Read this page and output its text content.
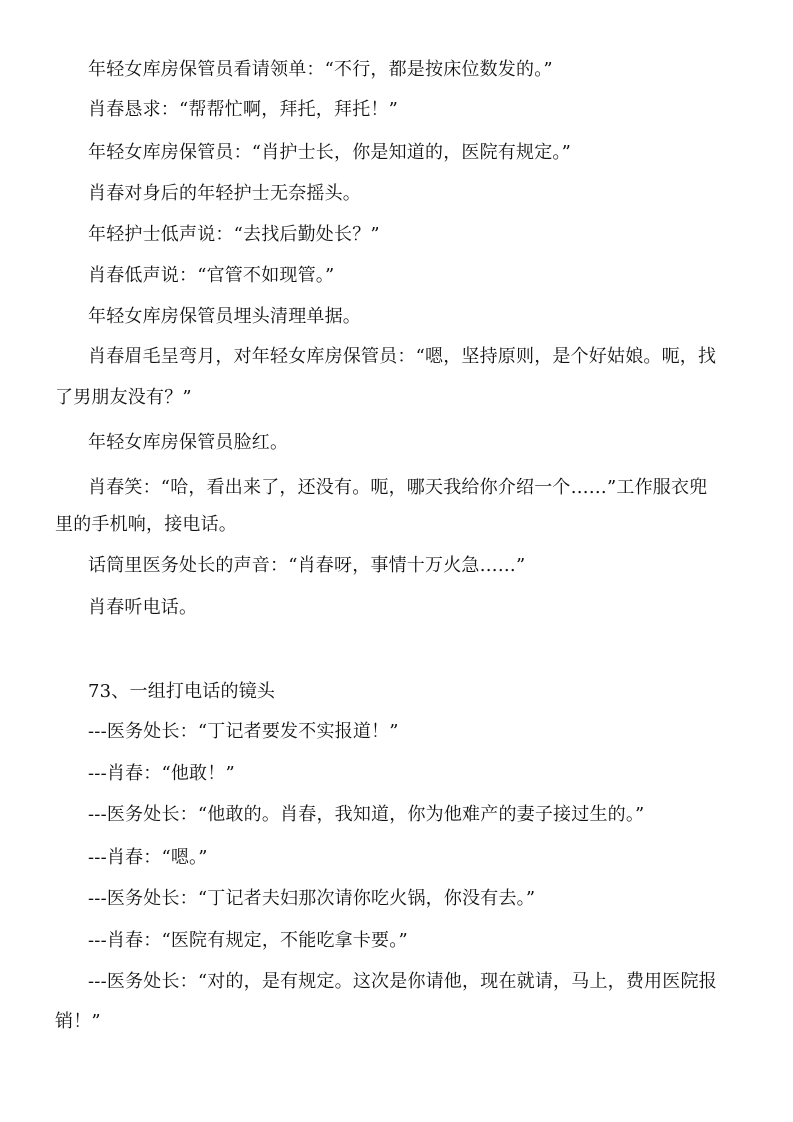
年轻女库房保管员看请领单：“不行，都是按床位数发的。”
肖春恳求：“帮帮忙啊，拜托，拜托！”
年轻女库房保管员：“肖护士长，你是知道的，医院有规定。”
肖春对身后的年轻护士无奈摇头。
年轻护士低声说：“去找后勤处长？”
肖春低声说：“官管不如现管。”
年轻女库房保管员埋头清理单据。
肖春眉毛呈弯月，对年轻女库房保管员：“嗯，坚持原则，是个好姑娘。呃，找
了男朋友没有？”
年轻女库房保管员脸红。
肖春笑：“哈，看出来了，还没有。呃，哪天我给你介绍一个……”工作服衣兜
里的手机响，接电话。
话筒里医务处长的声音：“肖春呀，事情十万火急……”
肖春听电话。
73、一组打电话的镜头
---医务处长：“丁记者要发不实报道！”
---肖春：“他敢！”
---医务处长：“他敢的。肖春，我知道，你为他难产的妻子接过生的。”
---肖春：“嗯。”
---医务处长：“丁记者夫妇那次请你吃火锅，你没有去。”
---肖春：“医院有规定，不能吃拿卡要。”
---医务处长：“对的，是有规定。这次是你请他，现在就请，马上，费用医院报
销！”
